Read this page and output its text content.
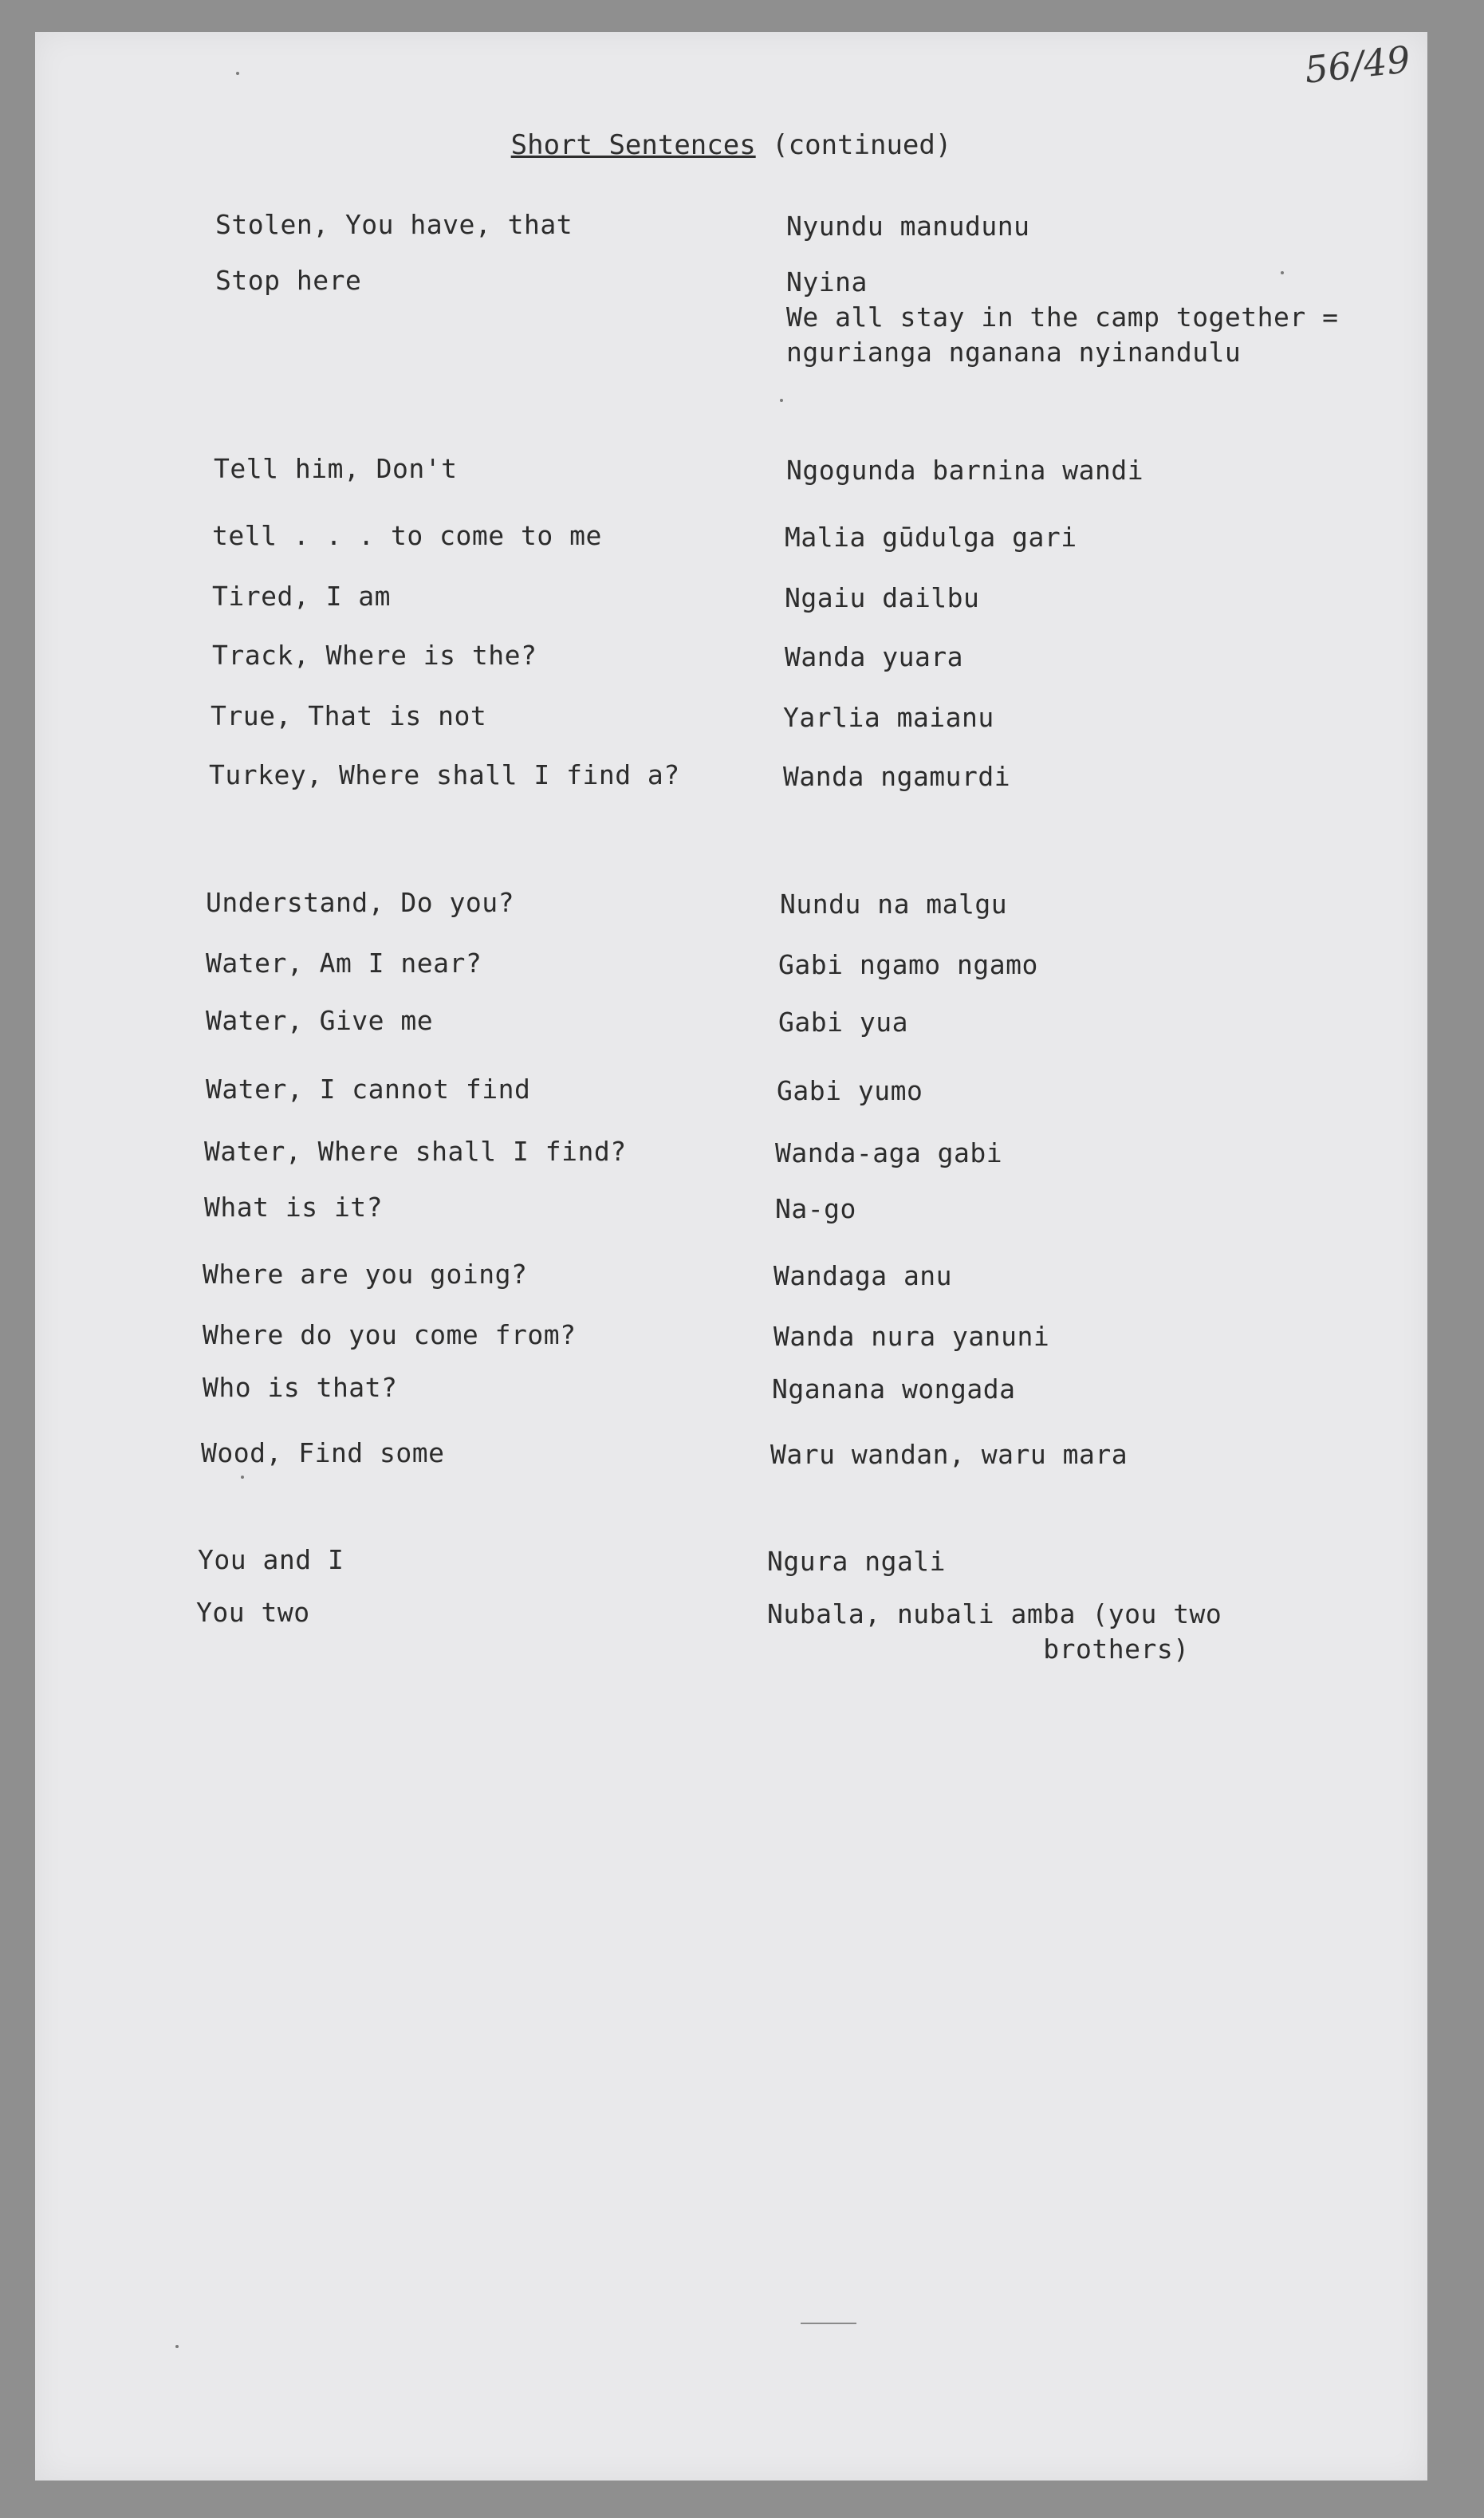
56/49
Short Sentences (continued)
Stolen, You have, that	Nyundu manudunu
Stop here	Nyina
We all stay in the camp together =
ngurianga nganana nyinandulu
Tell him, Don't	Ngogunda barnina wandi
tell . . . to come to me	Malia gūdulga gari
Tired, I am	Ngaiu dailbu
Track, Where is the?	Wanda yuara
True, That is not	Yarlia maianu
Turkey, Where shall I find a?	Wanda ngamurdi
Understand, Do you?	Nundu na malgu
Water, Am I near?	Gabi ngamo ngamo
Water, Give me	Gabi yua
Water, I cannot find	Gabi yumo
Water, Where shall I find?	Wanda-aga gabi
What is it?	Na-go
Where are you going?	Wandaga anu
Where do you come from?	Wanda nura yanuni
Who is that?	Nganana wongada
Wood, Find some	Waru wandan, waru mara
You and I	Ngura ngali
You two	Nubala, nubali amba (you two
brothers)
